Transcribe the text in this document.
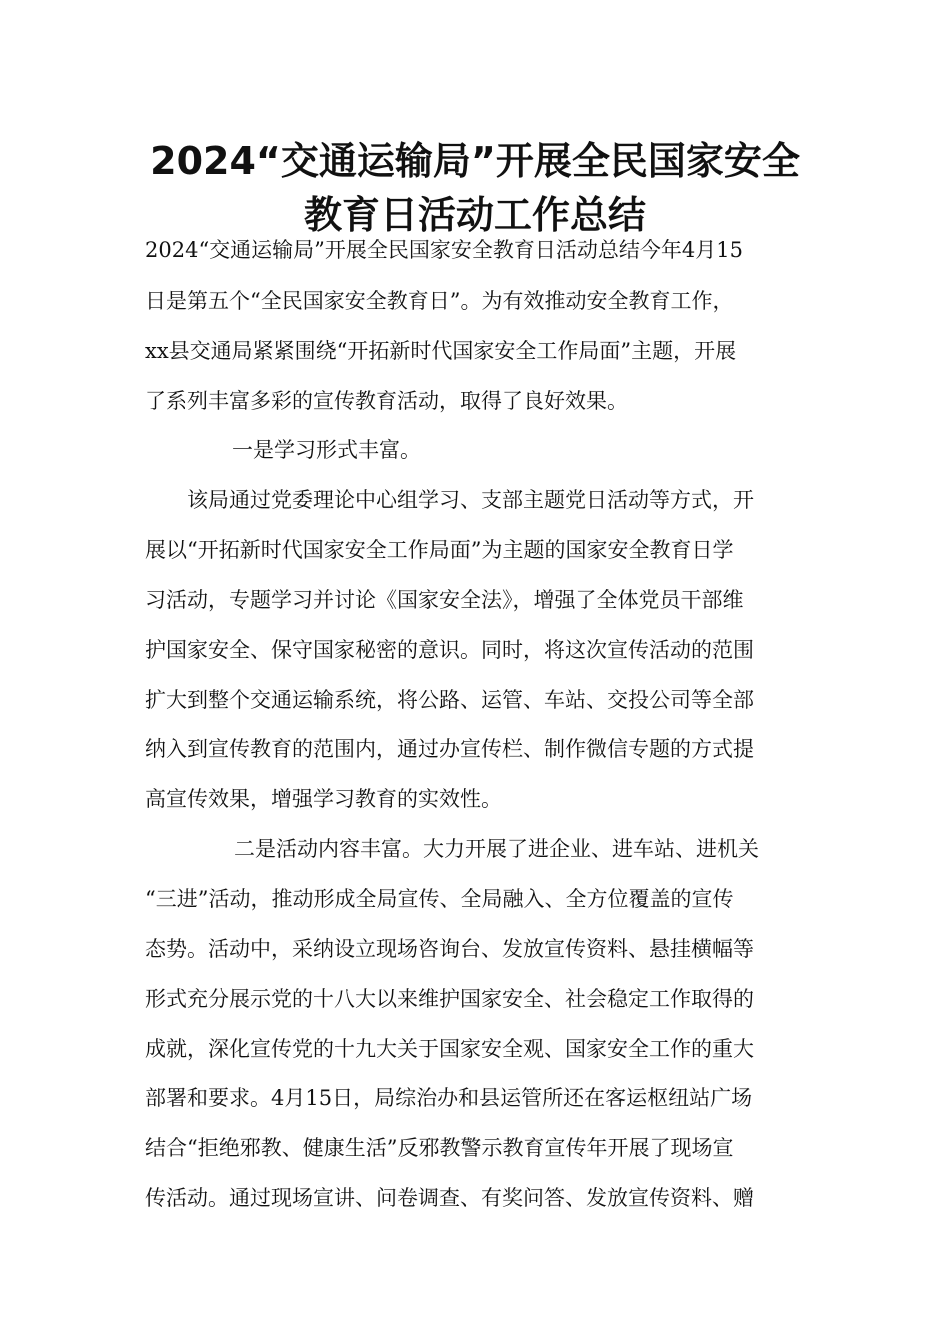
2024“交通运输局”开展全民国家安全
教育日活动工作总结
2024“交通运输局”开展全民国家安全教育日活动总结今年4月15
日是第五个“全民国家安全教育日”。为有效推动安全教育工作，
xx县交通局紧紧围绕“开拓新时代国家安全工作局面”主题，开展
了系列丰富多彩的宣传教育活动，取得了良好效果。
一是学习形式丰富。
该局通过党委理论中心组学习、支部主题党日活动等方式，开
展以“开拓新时代国家安全工作局面”为主题的国家安全教育日学
习活动，专题学习并讨论《国家安全法》，增强了全体党员干部维
护国家安全、保守国家秘密的意识。同时，将这次宣传活动的范围
扩大到整个交通运输系统，将公路、运管、车站、交投公司等全部
纳入到宣传教育的范围内，通过办宣传栏、制作微信专题的方式提
高宣传效果，增强学习教育的实效性。
二是活动内容丰富。大力开展了进企业、进车站、进机关
“三进”活动，推动形成全局宣传、全局融入、全方位覆盖的宣传
态势。活动中，采纳设立现场咨询台、发放宣传资料、悬挂横幅等
形式充分展示党的十八大以来维护国家安全、社会稳定工作取得的
成就，深化宣传党的十九大关于国家安全观、国家安全工作的重大
部署和要求。4月15日，局综治办和县运管所还在客运枢纽站广场
结合“拒绝邪教、健康生活”反邪教警示教育宣传年开展了现场宣
传活动。通过现场宣讲、问卷调查、有奖问答、发放宣传资料、赠
